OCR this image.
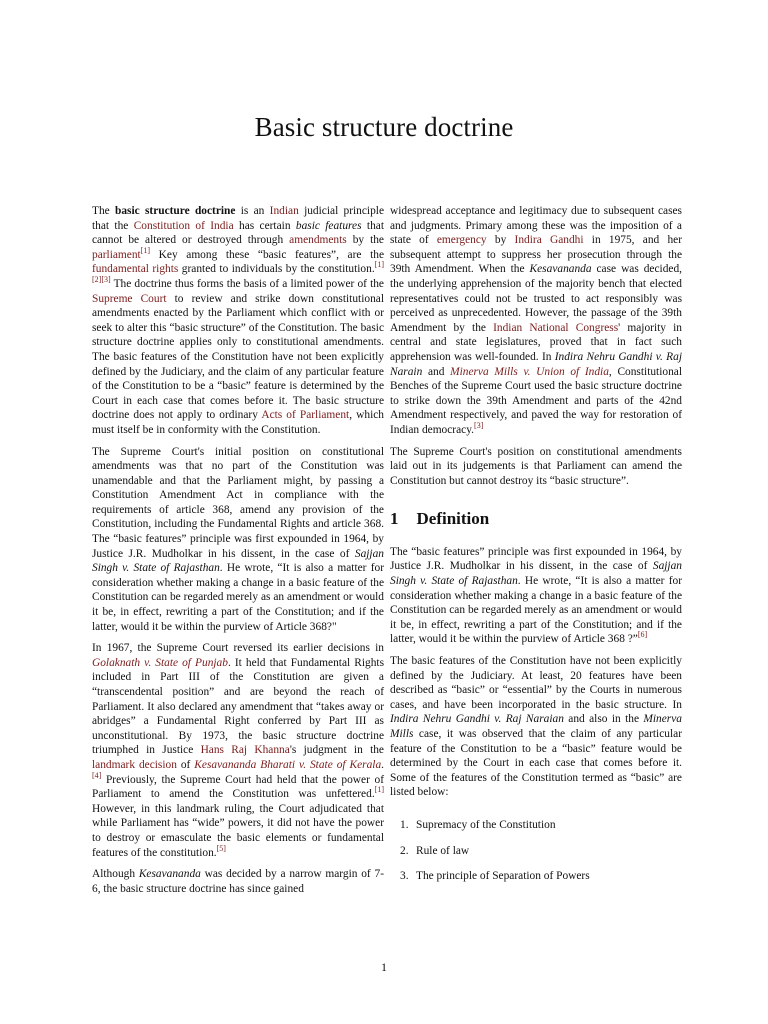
Basic structure doctrine

The basic structure doctrine is an Indian judicial principle that the Constitution of India has certain basic features that cannot be altered or destroyed through amendments by the parliament[1] Key among these “basic features”, are the fundamental rights granted to individuals by the constitution.[1][2][3] The doctrine thus forms the basis of a limited power of the Supreme Court to review and strike down constitutional amendments enacted by the Parliament which conflict with or seek to alter this “basic structure” of the Constitution. The basic structure doctrine applies only to constitutional amendments. The basic features of the Constitution have not been explicitly defined by the Judiciary, and the claim of any particular feature of the Constitution to be a “basic” feature is determined by the Court in each case that comes before it. The basic structure doctrine does not apply to ordinary Acts of Parliament, which must itself be in conformity with the Constitution.

The Supreme Court's initial position on constitutional amendments was that no part of the Constitution was unamendable and that the Parliament might, by passing a Constitution Amendment Act in compliance with the requirements of article 368, amend any provision of the Constitution, including the Fundamental Rights and article 368. The “basic features” principle was first expounded in 1964, by Justice J.R. Mudholkar in his dissent, in the case of Sajjan Singh v. State of Rajasthan. He wrote, “It is also a matter for consideration whether making a change in a basic feature of the Constitution can be regarded merely as an amendment or would it be, in effect, rewriting a part of the Constitution; and if the latter, would it be within the purview of Article 368?"

In 1967, the Supreme Court reversed its earlier decisions in Golaknath v. State of Punjab. It held that Fundamental Rights included in Part III of the Constitution are given a “transcendental position” and are beyond the reach of Parliament. It also declared any amendment that “takes away or abridges” a Fundamental Right conferred by Part III as unconstitutional. By 1973, the basic structure doctrine triumphed in Justice Hans Raj Khanna's judgment in the landmark decision of Kesavananda Bharati v. State of Kerala.[4] Previously, the Supreme Court had held that the power of Parliament to amend the Constitution was unfettered.[1] However, in this landmark ruling, the Court adjudicated that while Parliament has “wide” powers, it did not have the power to destroy or emasculate the basic elements or fundamental features of the constitution.[5]

Although Kesavananda was decided by a narrow margin of 7-6, the basic structure doctrine has since gained

widespread acceptance and legitimacy due to subsequent cases and judgments. Primary among these was the imposition of a state of emergency by Indira Gandhi in 1975, and her subsequent attempt to suppress her prosecution through the 39th Amendment. When the Kesavananda case was decided, the underlying apprehension of the majority bench that elected representatives could not be trusted to act responsibly was perceived as unprecedented. However, the passage of the 39th Amendment by the Indian National Congress' majority in central and state legislatures, proved that in fact such apprehension was well-founded. In Indira Nehru Gandhi v. Raj Narain and Minerva Mills v. Union of India, Constitutional Benches of the Supreme Court used the basic structure doctrine to strike down the 39th Amendment and parts of the 42nd Amendment respectively, and paved the way for restoration of Indian democracy.[3]

The Supreme Court's position on constitutional amendments laid out in its judgements is that Parliament can amend the Constitution but cannot destroy its “basic structure”.

1 Definition

The “basic features” principle was first expounded in 1964, by Justice J.R. Mudholkar in his dissent, in the case of Sajjan Singh v. State of Rajasthan. He wrote, “It is also a matter for consideration whether making a change in a basic feature of the Constitution can be regarded merely as an amendment or would it be, in effect, rewriting a part of the Constitution; and if the latter, would it be within the purview of Article 368 ?”[6]

The basic features of the Constitution have not been explicitly defined by the Judiciary. At least, 20 features have been described as “basic” or “essential” by the Courts in numerous cases, and have been incorporated in the basic structure. In Indira Nehru Gandhi v. Raj Naraian and also in the Minerva Mills case, it was observed that the claim of any particular feature of the Constitution to be a “basic” feature would be determined by the Court in each case that comes before it. Some of the features of the Constitution termed as “basic” are listed below:

1. Supremacy of the Constitution
2. Rule of law
3. The principle of Separation of Powers
1
